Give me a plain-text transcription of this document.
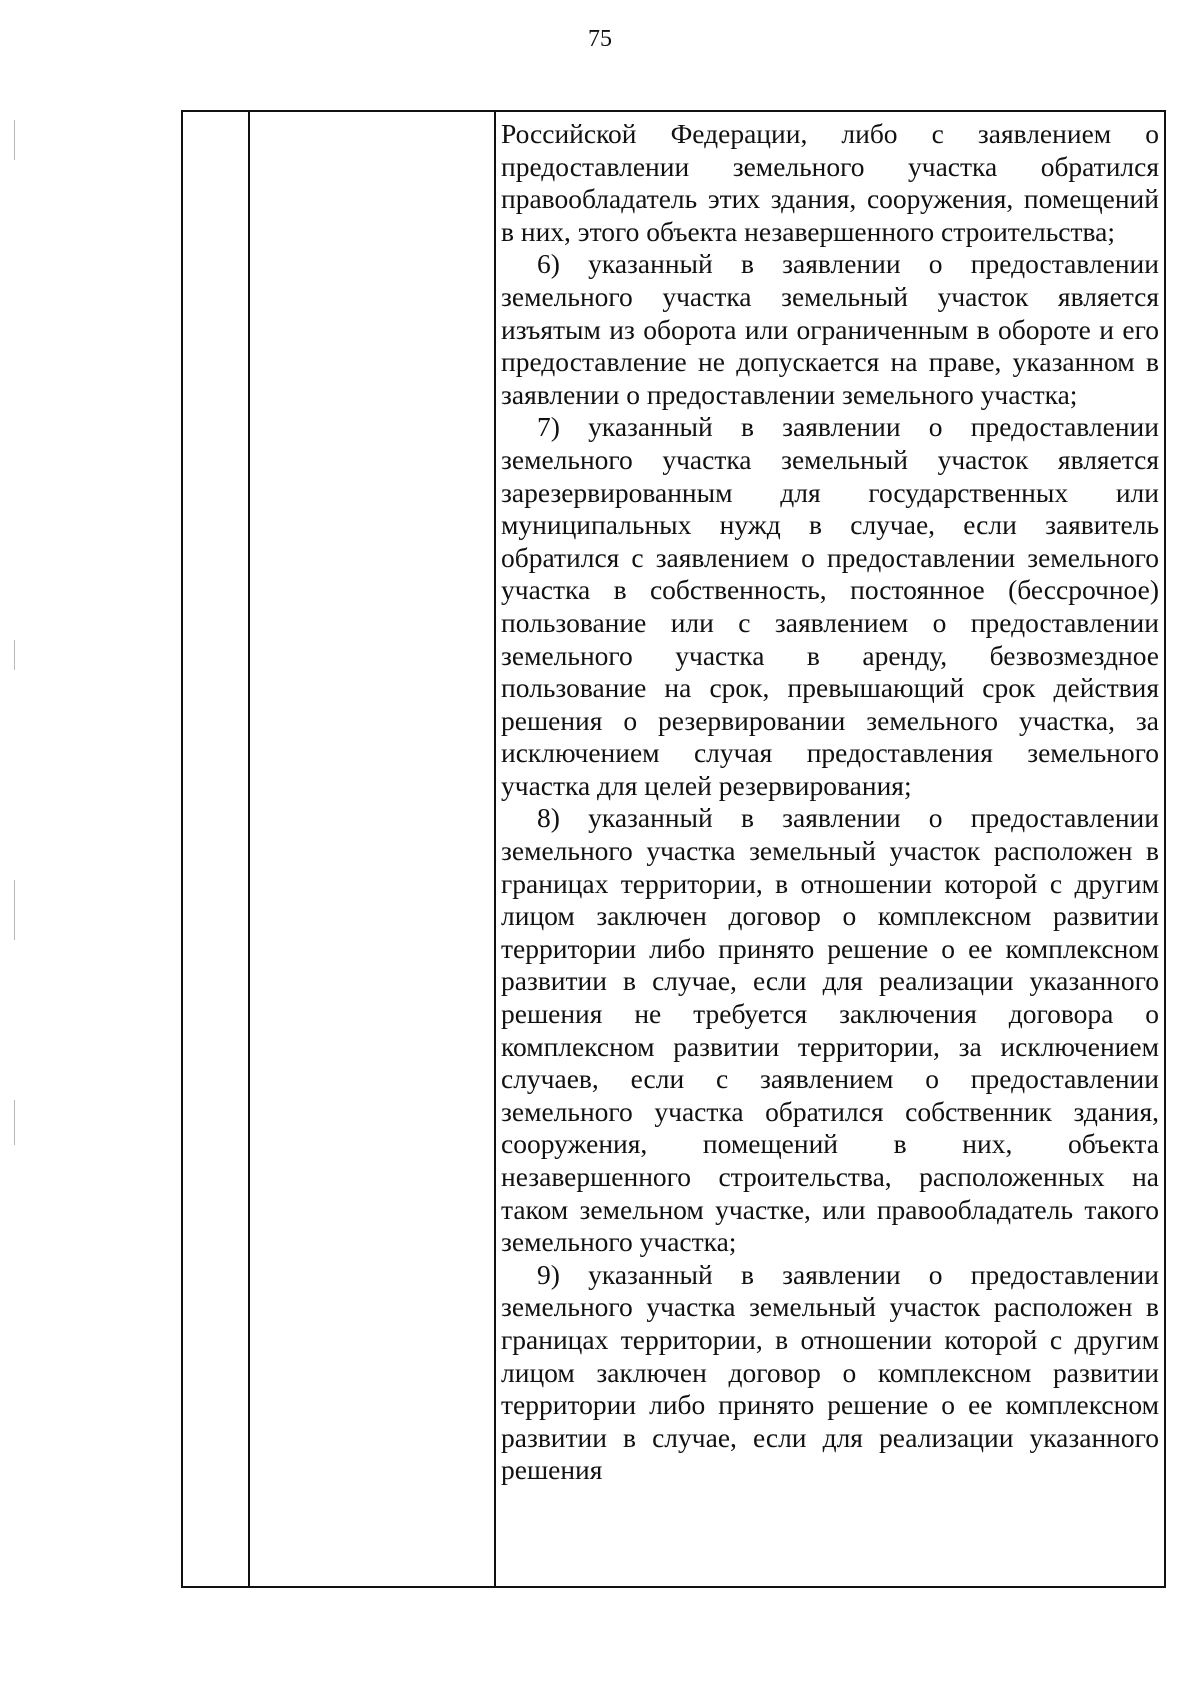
75

Российской Федерации, либо с заявлением о предоставлении земельного участка обратился правообладатель этих здания, сооружения, помещений в них, этого объекта незавершенного строительства;

6) указанный в заявлении о предоставлении земельного участка земельный участок является изъятым из оборота или ограниченным в обороте и его предоставление не допускается на праве, указанном в заявлении о предоставлении земельного участка;

7) указанный в заявлении о предоставлении земельного участка земельный участок является зарезервированным для государственных или муниципальных нужд в случае, если заявитель обратился с заявлением о предоставлении земельного участка в собственность, постоянное (бессрочное) пользование или с заявлением о предоставлении земельного участка в аренду, безвозмездное пользование на срок, превышающий срок действия решения о резервировании земельного участка, за исключением случая предоставления земельного участка для целей резервирования;

8) указанный в заявлении о предоставлении земельного участка земельный участок расположен в границах территории, в отношении которой с другим лицом заключен договор о комплексном развитии территории либо принято решение о ее комплексном развитии в случае, если для реализации указанного решения не требуется заключения договора о комплексном развитии территории, за исключением случаев, если с заявлением о предоставлении земельного участка обратился собственник здания, сооружения, помещений в них, объекта незавершенного строительства, расположенных на таком земельном участке, или правообладатель такого земельного участка;

9) указанный в заявлении о предоставлении земельного участка земельный участок расположен в границах территории, в отношении которой с другим лицом заключен договор о комплексном развитии территории либо принято решение о ее комплексном развитии в случае, если для реализации указанного решения
